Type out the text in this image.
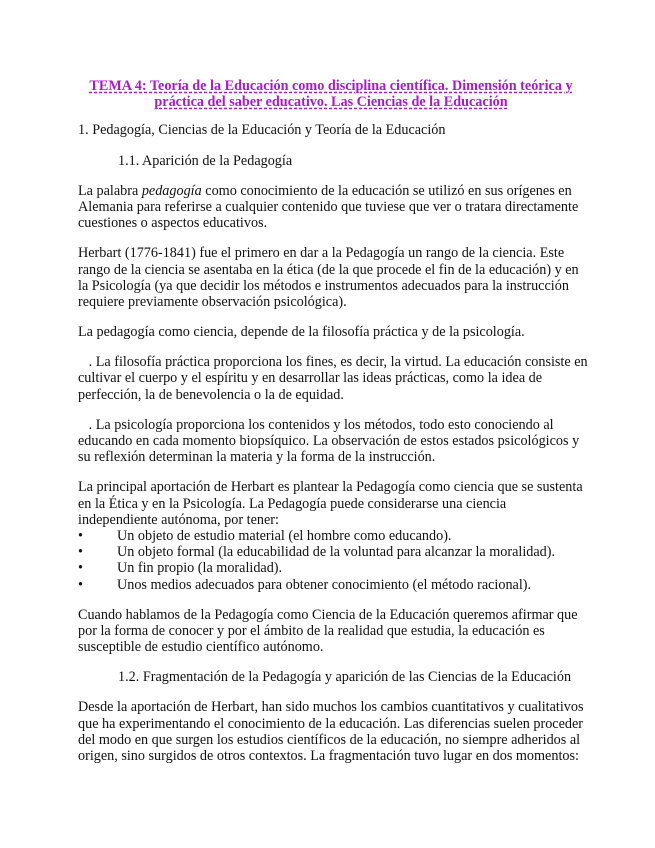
TEMA 4: Teoría de la Educación como disciplina científica. Dimensión teórica y
práctica del saber educativo. Las Ciencias de la Educación
1. Pedagogía, Ciencias de la Educación y Teoría de la Educación
1.1. Aparición de la Pedagogía
La palabra pedagogía como conocimiento de la educación se utilizó en sus orígenes en
Alemania para referirse a cualquier contenido que tuviese que ver o tratara directamente
cuestiones o aspectos educativos.
Herbart (1776-1841) fue el primero en dar a la Pedagogía un rango de la ciencia. Este
rango de la ciencia se asentaba en la ética (de la que procede el fin de la educación) y en
la Psicología (ya que decidir los métodos e instrumentos adecuados para la instrucción
requiere previamente observación psicológica).
La pedagogía como ciencia, depende de la filosofía práctica y de la psicología.
. La filosofía práctica proporciona los fines, es decir, la virtud. La educación consiste en
cultivar el cuerpo y el espíritu y en desarrollar las ideas prácticas, como la idea de
perfección, la de benevolencia o la de equidad.
. La psicología proporciona los contenidos y los métodos, todo esto conociendo al
educando en cada momento biopsíquico. La observación de estos estados psicológicos y
su reflexión determinan la materia y la forma de la instrucción.
La principal aportación de Herbart es plantear la Pedagogía como ciencia que se sustenta
en la Ética y en la Psicología. La Pedagogía puede considerarse una ciencia
independiente autónoma, por tener:
•	Un objeto de estudio material (el hombre como educando).
•	Un objeto formal (la educabilidad de la voluntad para alcanzar la moralidad).
•	Un fin propio (la moralidad).
•	Unos medios adecuados para obtener conocimiento (el método racional).
Cuando hablamos de la Pedagogía como Ciencia de la Educación queremos afirmar que
por la forma de conocer y por el ámbito de la realidad que estudia, la educación es
susceptible de estudio científico autónomo.
1.2. Fragmentación de la Pedagogía y aparición de las Ciencias de la Educación
Desde la aportación de Herbart, han sido muchos los cambios cuantitativos y cualitativos
que ha experimentando el conocimiento de la educación. Las diferencias suelen proceder
del modo en que surgen los estudios científicos de la educación, no siempre adheridos al
origen, sino surgidos de otros contextos. La fragmentación tuvo lugar en dos momentos:
